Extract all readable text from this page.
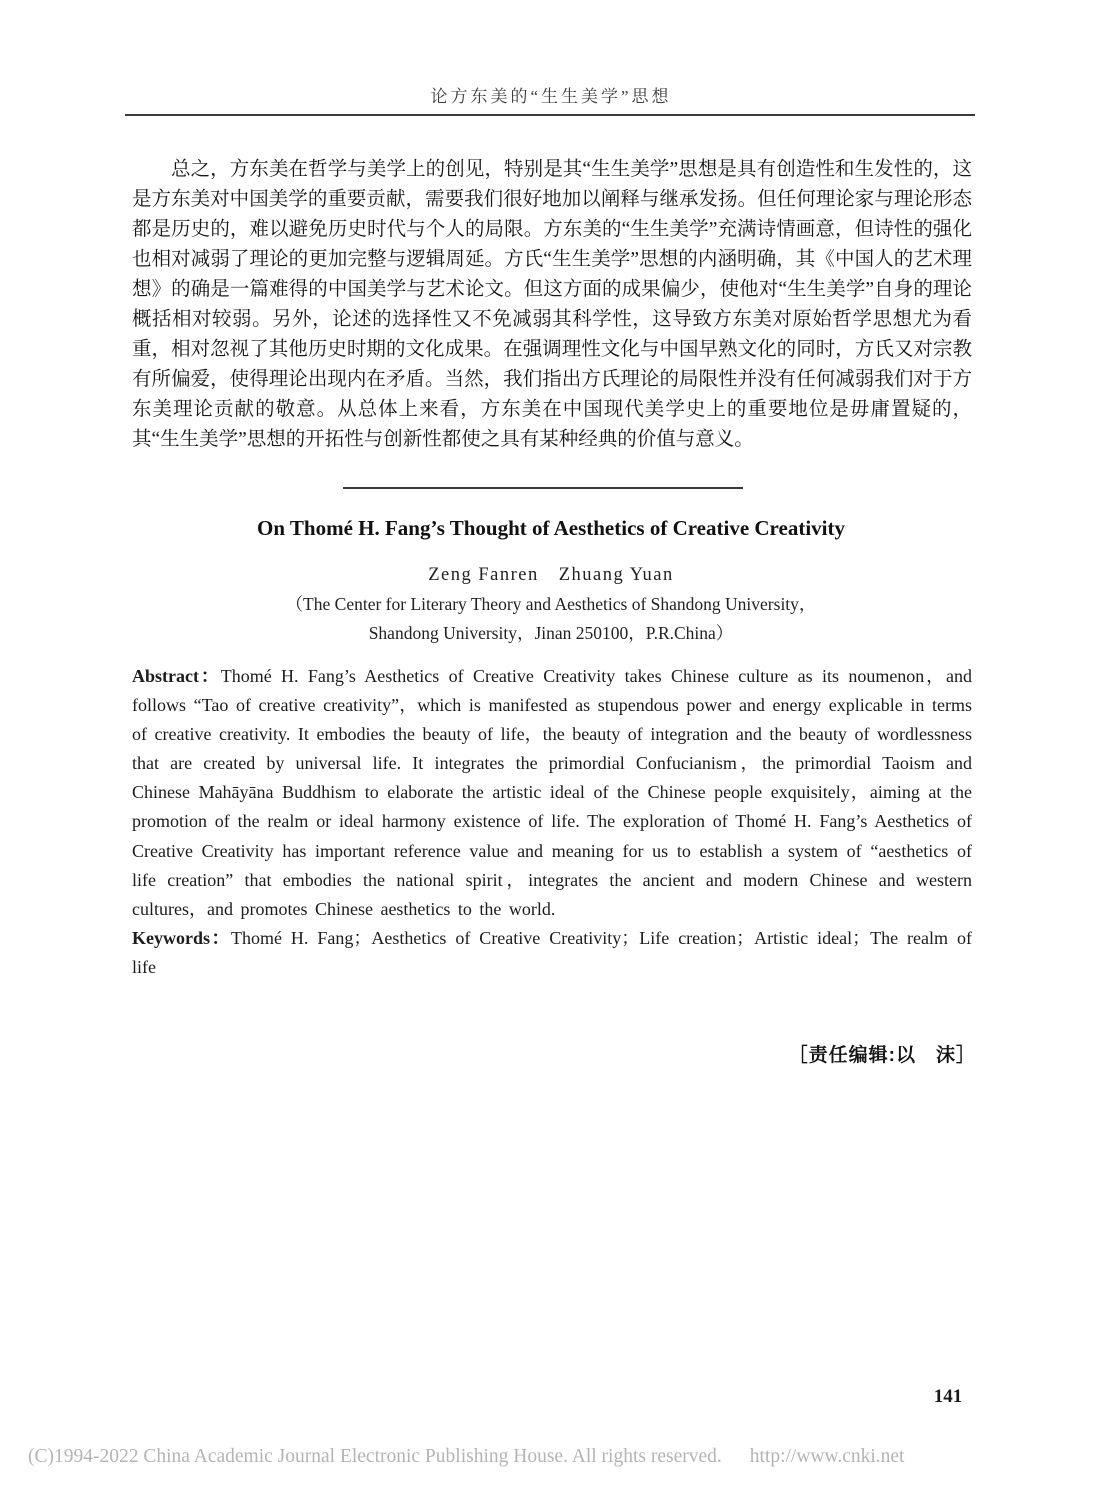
论方东美的“生生美学”思想

总之，方东美在哲学与美学上的创见，特别是其“生生美学”思想是具有创造性和生发性的，这是方东美对中国美学的重要贡献，需要我们很好地加以阐释与继承发扬。但任何理论家与理论形态都是历史的，难以避免历史时代与个人的局限。方东美的“生生美学”充满诗情画意，但诗性的强化也相对减弱了理论的更加完整与逻辑周延。方氏“生生美学”思想的内涵明确，其《中国人的艺术理想》的确是一篇难得的中国美学与艺术论文。但这方面的成果偏少，使他对“生生美学”自身的理论概括相对较弱。另外，论述的选择性又不免减弱其科学性，这导致方东美对原始哲学思想尤为看重，相对忽视了其他历史时期的文化成果。在强调理性文化与中国早熟文化的同时，方氏又对宗教有所偏爱，使得理论出现内在矛盾。当然，我们指出方氏理论的局限性并没有任何减弱我们对于方东美理论贡献的敬意。从总体上来看，方东美在中国现代美学史上的重要地位是毋庸置疑的，其“生生美学”思想的开拓性与创新性都使之具有某种经典的价值与意义。

On Thomé H. Fang’s Thought of Aesthetics of Creative Creativity
Zeng Fanren　Zhuang Yuan
（The Center for Literary Theory and Aesthetics of Shandong University，
Shandong University，Jinan 250100，P.R.China）

Abstract：Thomé H. Fang’s Aesthetics of Creative Creativity takes Chinese culture as its noumenon，and follows “Tao of creative creativity”，which is manifested as stupendous power and energy explicable in terms of creative creativity. It embodies the beauty of life，the beauty of integration and the beauty of wordlessness that are created by universal life. It integrates the primordial Confucianism，the primordial Taoism and Chinese Mahāyāna Buddhism to elaborate the artistic ideal of the Chinese people exquisitely，aiming at the promotion of the realm or ideal harmony existence of life. The exploration of Thomé H. Fang’s Aesthetics of Creative Creativity has important reference value and meaning for us to establish a system of “aesthetics of life creation” that embodies the national spirit，integrates the ancient and modern Chinese and western cultures，and promotes Chinese aesthetics to the world.

Keywords：Thomé H. Fang；Aesthetics of Creative Creativity；Life creation；Artistic ideal；The realm of life

［责任编辑:以　沫］
141
(C)1994-2022 China Academic Journal Electronic Publishing House. All rights reserved. http://www.cnki.net
